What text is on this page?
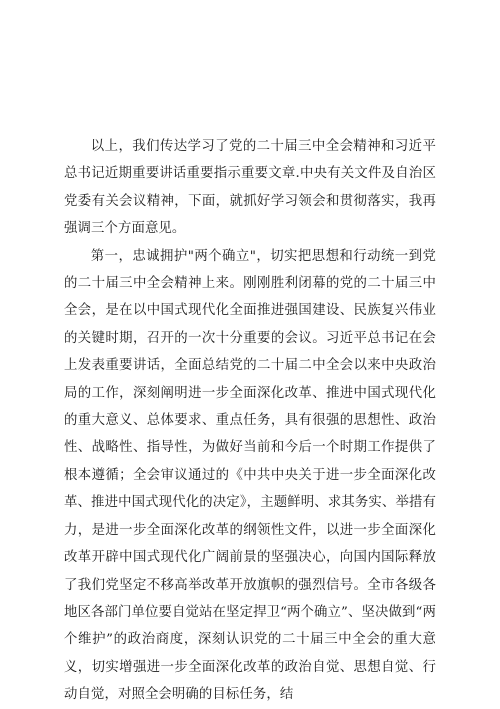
以上，我们传达学习了党的二十届三中全会精神和习近平总书记近期重要讲话重要指示重要文章.中央有关文件及自治区党委有关会议精神，下面，就抓好学习领会和贯彻落实，我再强调三个方面意见。

第一，忠诚拥护"两个确立"，切实把思想和行动统一到党的二十届三中全会精神上来。刚刚胜利闭幕的党的二十届三中全会，是在以中国式现代化全面推进强国建设、民族复兴伟业的关键时期，召开的一次十分重要的会议。习近平总书记在会上发表重要讲话，全面总结党的二十届二中全会以来中央政治局的工作，深刻阐明进一步全面深化改革、推进中国式现代化的重大意义、总体要求、重点任务，具有很强的思想性、政治性、战略性、指导性，为做好当前和今后一个时期工作提供了根本遵循；全会审议通过的《中共中央关于进一步全面深化改革、推进中国式现代化的决定》，主题鲜明、求其务实、举措有力，是进一步全面深化改革的纲领性文件，以进一步全面深化改革开辟中国式现代化广阔前景的坚强决心，向国内国际释放了我们党坚定不移高举改革开放旗帜的强烈信号。全市各级各地区各部门单位要自觉站在坚定捍卫“两个确立”、坚决做到“两个维护”的政治商度，深刻认识党的二十届三中全会的重大意义，切实增强进一步全面深化改革的政治自觉、思想自觉、行动自觉，对照全会明确的目标任务，结
